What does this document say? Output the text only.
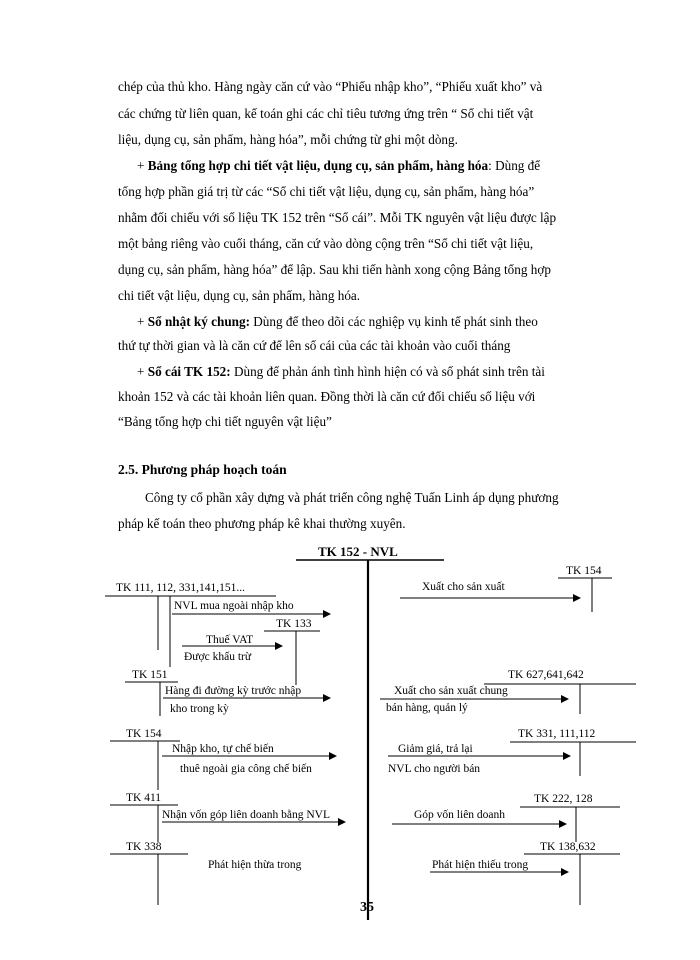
chép của thủ kho. Hàng ngày căn cứ vào “Phiếu nhập kho”, “Phiếu xuất kho” và
các chứng từ liên quan, kế toán ghi các chỉ tiêu tương ứng trên “ Sổ chi tiết vật
liệu, dụng cụ, sản phẩm, hàng hóa”, mỗi chứng từ ghi một dòng.
+ Bảng tổng hợp chi tiết vật liệu, dụng cụ, sản phẩm, hàng hóa: Dùng để
tổng hợp phần giá trị từ các “Sổ chi tiết vật liệu, dụng cụ, sản phẩm, hàng hóa”
nhằm đối chiếu với số liệu TK 152 trên “Sổ cái”. Mỗi TK nguyên vật liệu được lập
một bảng riêng vào cuối tháng, căn cứ vào dòng cộng trên “Sổ chi tiết vật liệu,
dụng cụ, sản phẩm, hàng hóa” để lập. Sau khi tiến hành xong cộng Bảng tổng hợp
chi tiết vật liệu, dụng cụ, sản phẩm, hàng hóa.
+ Sổ nhật ký chung: Dùng để theo dõi các nghiệp vụ kinh tế phát sinh theo
thứ tự thời gian và là căn cứ để lên sổ cái của các tài khoản vào cuối tháng
+ Sổ cái TK 152: Dùng để phản ánh tình hình hiện có và số phát sinh trên tài
khoản 152 và các tài khoản liên quan. Đồng thời là căn cứ đối chiếu số liệu với
“Bảng tổng hợp chi tiết nguyên vật liệu”
2.5. Phương pháp hoạch toán
Công ty cổ phần xây dựng và phát triển công nghệ Tuấn Linh áp dụng phương
pháp kế toán theo phương pháp kê khai thường xuyên.
TK 152 - NVL
TK 111, 112, 331,141,151...
NVL mua ngoài nhập kho
TK 133
Thuế VAT
Được khấu trừ
TK 151
Hàng đi đường kỳ trước nhập
kho trong kỳ
TK 154
Nhập kho, tự chế biến
thuê ngoài gia công chế biến
TK 411
Nhận vốn góp liên doanh bằng NVL
TK 338
Phát hiện thừa trong
TK 154
Xuất cho sản xuất
TK 627,641,642
Xuất cho sản xuất chung
bán hàng, quản lý
TK 331, 111,112
Giảm giá, trả lại
NVL cho người bán
TK 222, 128
Góp vốn liên doanh
TK 138,632
Phát hiện thiếu trong
35
